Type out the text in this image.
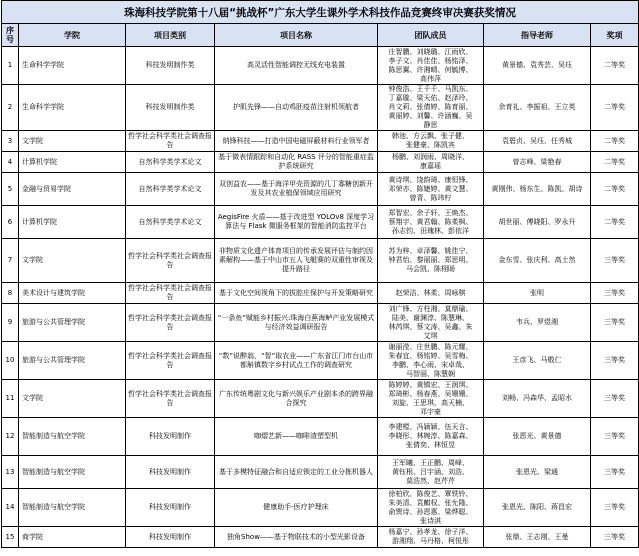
珠海科技学院第十八届“挑战杯”广东大学生课外学术科技作品竞赛终审决赛获奖情况						
序号	学院	项目类别	项目名称	团队成员	指导老师	奖项
1	生命科学学院	科技发明制作类	高灵活性智能调控无线充电装置	庄智鹏、刘晓璐、江雨欣、
李子文、肖佳佳、杨铭泽、
陈思翼、许湘晴、何毓博、
高伟萍	黄景德、袁秀芸、吴珏	二等奖
2	生命科学学院	科技发明制作类	护肌先锋——自动鸡胚疫苗注射机领航者	钟俊浩、王千千、马凯东、
丁嘉璇、梁天佑、赵泽玲、
肖文莉、张倩婷、陈育丽、
黄丽婷、刘馨、许涵巍、吴
静思	余育礼、李振祖、王立英	二等奖
3	文学院	哲学社会科学类社会调查报告	纳锋科技——打造中国电磁屏蔽材料行业领军者	韩池、方云飘、张子健、
张健豪、陈凯宾	袁碧贞、吴珏、任秀城	二等奖
4	计算机学院	自然科学类学术论文	基于微表情跟踪和自动化 RASS 评分的智能重症监护系统研究	杨鹏、刘润雨、周晓洋、
康嘉瑶	曾志峰、梁艳春	二等奖
5	金融与贸易学院	自然科学类学术论文	双创益农——基于海洋甲壳资源的几丁寡糖创新开发及其农业植保领域应用研究	黄诗琪、饶韵琦、康恒锋、
邓荣亦、陈婕婷、黄文慧、
曾青、陈玮柠	黄刚伟、杨东生、陈凯、胡诗	二等奖
6	计算机学院	自然科学类学术论文	AegisFire 火盾——基于改进型 YOLOv8 深度学习算法与 Flask 微服务框架的智能消防监控平台	郑智宏、余子轩、王焕杰、
蔡翔宇、黄君翰、陈柔枫、
孙志钧、田瑰林、彭依洋	胡世丽、傅晓阳、罗永升	二等奖
7	文学院	哲学社会科学类社会调查报告	非物质文化遗产体育项目的传承发展评估与制约因素解构——基于中山市五人飞艇赛的双重性审视及提升路径	苏为梓、卓泽馨、姚佳宁、
钟君怡、黎丽丽、郑思明、
马会凯、陈栩旸	金东雪、张庆利、高士然	三等奖
8	美术设计与建筑学院	哲学社会科学类社会调查报告	基于文化空间视角下的拔腔庄保护与开发策略研究	赵荣洁、林柔、周咏棋	张明	三等奖
9	旅游与公共管理学院	哲学社会科学类社会调查报告	“一条鱼”赋能乡村振兴:珠海白蕉海鲈产业发展模式与经济效益调研报告	刘广锋、方柱湘、莫鼎瑜、
陆美、谢渊淳、陈慧琳、
林芮琪、蔡文涛、吴鑫、朱
艾琪	韦兵、罗煜湘	三等奖
10	旅游与公共管理学院	哲学社会科学类社会调查报告	“数”说醉翁，“智”取农业——广东省江门市台山市都斛镇数字乡村试点工作的调查研究	谢丽滢、庄世鹏、陈元耀、
朱春宜、杨铭婷、吴雪梅、
李鹏、李心雨、宋卓哉、
马智丽、陈慧娴	王彦飞、马敬仁	三等奖
11	文学院	哲学社会科学类社会调查报告	广东传统粤剧文化与新兴娱乐产业剧本杀的跨界融合探究	陈婷婷、黄镇宏、王润琪、
郑琦彬、杨春燕、吴姗姗、
刘旋、王思琪、高天楠、
邓宇豪	刘畅、冯森华、孟昭水	三等奖
12	智能制造与航空学院	科技发明制作	咖熠艺新——咖啡渣塑型机	李建樘、冯颖颖、伍天言、
李晓彤、林婉淳、陈嘉森、
张倩奕、林恒昱	张恩光、黄景德	三等奖
13	智能制造与航空学院	科技发明制作	基于多模特征融合和自适应锁定的工业分拣机器人	王军曦、王正鹏、周峰、
黄钰根、吕宇涵、刘浩、
莫浩然、赵芹芹	张恩光、梁通	三等奖
14	智能制造与航空学院	科技发明制作	健康助手-医疗护理床	徐柏欣、陈俊艺、覃铁铃、
朱美清、袁麒权、张允隆、
俞巽诗、孙恩惠、梁烨聪、
张诗淇	张恩光、陈阳、蒋昌宏	三等奖
15	商学院	科技发明制作	独角Show——基于物联技术的小型光影设备	杨嘉宁、孙孝龙、徐子洋、
游湘翔、马丹格、柯悦彤	张鼎、王志刚、王曼	三等奖
